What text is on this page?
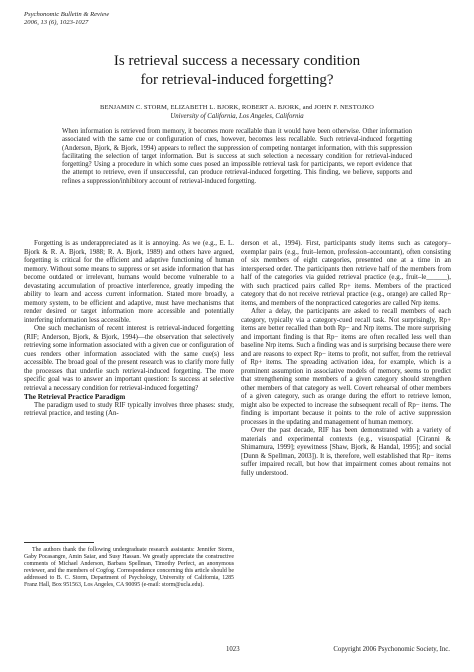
Psychonomic Bulletin & Review
2006, 13 (6), 1023-1027
Is retrieval success a necessary condition
for retrieval-induced forgetting?
BENJAMIN C. STORM, ELIZABETH L. BJORK, ROBERT A. BJORK, and JOHN F. NESTOJKO
University of California, Los Angeles, California
When information is retrieved from memory, it becomes more recallable than it would have been otherwise. Other information associated with the same cue or configuration of cues, however, becomes less recallable. Such retrieval-induced forgetting (Anderson, Bjork, & Bjork, 1994) appears to reflect the suppression of competing nontarget information, with this suppression facilitating the selection of target information. But is success at such selection a necessary condition for retrieval-induced forgetting? Using a procedure in which some cues posed an impossible retrieval task for participants, we report evidence that the attempt to retrieve, even if unsuccessful, can produce retrieval-induced forgetting. This finding, we believe, supports and refines a suppression/inhibitory account of retrieval-induced forgetting.

Forgetting is as underappreciated as it is annoying. As we (e.g., E. L. Bjork & R. A. Bjork, 1988; R. A. Bjork, 1989) and others have argued, forgetting is critical for the efficient and adaptive functioning of human memory. Without some means to suppress or set aside information that has become outdated or irrelevant, humans would become vulnerable to a devastating accumulation of proactive interference, greatly impeding the ability to learn and access current information. Stated more broadly, a memory system, to be efficient and adaptive, must have mechanisms that render desired or target information more accessible and potentially interfering information less accessible.

One such mechanism of recent interest is retrieval-induced forgetting (RIF; Anderson, Bjork, & Bjork, 1994)—the observation that selectively retrieving some information associated with a given cue or configuration of cues renders other information associated with the same cue(s) less accessible. The broad goal of the present research was to clarify more fully the processes that underlie such retrieval-induced forgetting. The more specific goal was to answer an important question: Is success at selective retrieval a necessary condition for retrieval-induced forgetting?

The Retrieval Practice Paradigm

The paradigm used to study RIF typically involves three phases: study, retrieval practice, and testing (An-

The authors thank the following undergraduate research assistants: Jennifer Storm, Gaby Pocasangre, Amin Saiar, and Susy Hassan. We greatly appreciate the constructive comments of Michael Anderson, Barbara Spellman, Timothy Perfect, an anonymous reviewer, and the members of Cogfog. Correspondence concerning this article should be addressed to B. C. Storm, Department of Psychology, University of California, 1285 Franz Hall, Box 951563, Los Angeles, CA 90095 (e-mail: storm@ucla.edu).

derson et al., 1994). First, participants study items such as category–exemplar pairs (e.g., fruit–lemon, profession–accountant), often consisting of six members of eight categories, presented one at a time in an interspersed order. The participants then retrieve half of the members from half of the categories via guided retrieval practice (e.g., fruit–le______), with such practiced pairs called Rp+ items. Members of the practiced category that do not receive retrieval practice (e.g., orange) are called Rp− items, and members of the nonpracticed categories are called Nrp items.

After a delay, the participants are asked to recall members of each category, typically via a category-cued recall task. Not surprisingly, Rp+ items are better recalled than both Rp− and Nrp items. The more surprising and important finding is that Rp− items are often recalled less well than baseline Nrp items. Such a finding was and is surprising because there were and are reasons to expect Rp− items to profit, not suffer, from the retrieval of Rp+ items. The spreading activation idea, for example, which is a prominent assumption in associative models of memory, seems to predict that strengthening some members of a given category should strengthen other members of that category as well. Covert rehearsal of other members of a given category, such as orange during the effort to retrieve lemon, might also be expected to increase the subsequent recall of Rp− items. The finding is important because it points to the role of active suppression processes in the updating and management of human memory.

Over the past decade, RIF has been demonstrated with a variety of materials and experimental contexts (e.g., visuospatial [Ciranni & Shimamura, 1999]; eyewitness [Shaw, Bjork, & Handal, 1995]; and social [Dunn & Spellman, 2003]). It is, therefore, well established that Rp− items suffer impaired recall, but how that impairment comes about remains not fully understood.

1023	Copyright 2006 Psychonomic Society, Inc.
